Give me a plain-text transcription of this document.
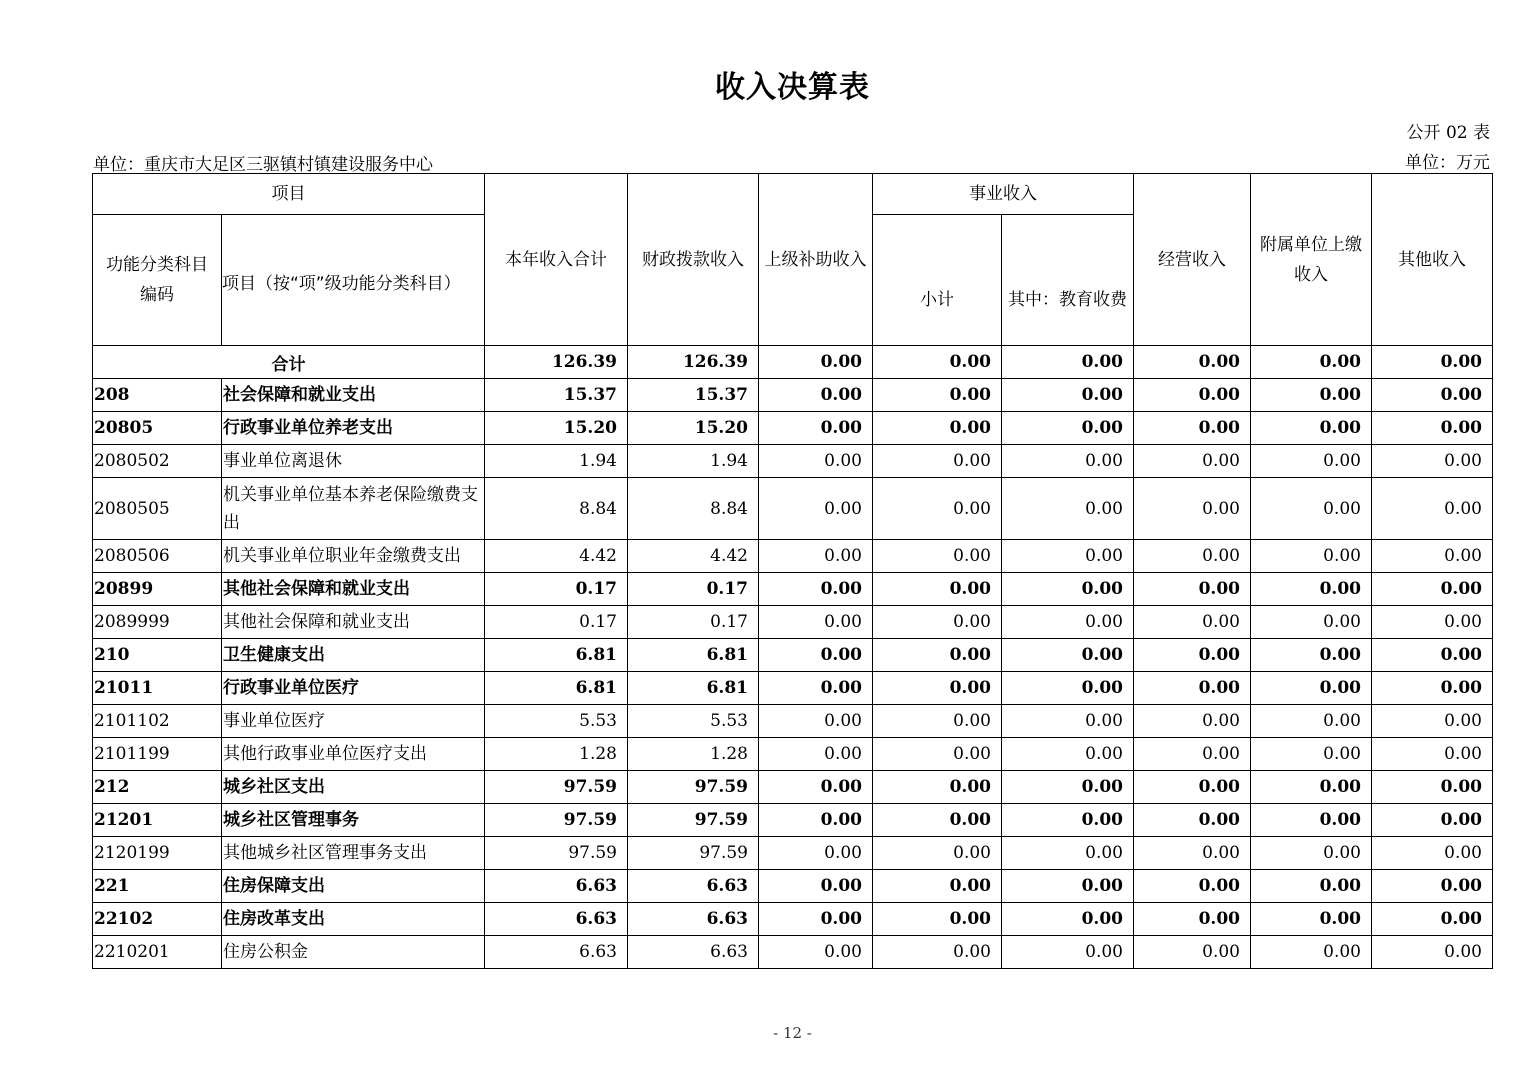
收入决算表
公开 02 表
单位：重庆市大足区三驱镇村镇建设服务中心	单位：万元
项目		本年收入合计	财政拨款收入	上级补助收入	事业收入		经营收入	附属单位上缴收入	其他收入
功能分类科目编码	项目（按“项”级功能分类科目）				小计	其中：教育收费			
合计		126.39	126.39	0.00	0.00	0.00	0.00	0.00	0.00
208	社会保障和就业支出	15.37	15.37	0.00	0.00	0.00	0.00	0.00	0.00
20805	行政事业单位养老支出	15.20	15.20	0.00	0.00	0.00	0.00	0.00	0.00
2080502	事业单位离退休	1.94	1.94	0.00	0.00	0.00	0.00	0.00	0.00
2080505	机关事业单位基本养老保险缴费支出	8.84	8.84	0.00	0.00	0.00	0.00	0.00	0.00
2080506	机关事业单位职业年金缴费支出	4.42	4.42	0.00	0.00	0.00	0.00	0.00	0.00
20899	其他社会保障和就业支出	0.17	0.17	0.00	0.00	0.00	0.00	0.00	0.00
2089999	其他社会保障和就业支出	0.17	0.17	0.00	0.00	0.00	0.00	0.00	0.00
210	卫生健康支出	6.81	6.81	0.00	0.00	0.00	0.00	0.00	0.00
21011	行政事业单位医疗	6.81	6.81	0.00	0.00	0.00	0.00	0.00	0.00
2101102	事业单位医疗	5.53	5.53	0.00	0.00	0.00	0.00	0.00	0.00
2101199	其他行政事业单位医疗支出	1.28	1.28	0.00	0.00	0.00	0.00	0.00	0.00
212	城乡社区支出	97.59	97.59	0.00	0.00	0.00	0.00	0.00	0.00
21201	城乡社区管理事务	97.59	97.59	0.00	0.00	0.00	0.00	0.00	0.00
2120199	其他城乡社区管理事务支出	97.59	97.59	0.00	0.00	0.00	0.00	0.00	0.00
221	住房保障支出	6.63	6.63	0.00	0.00	0.00	0.00	0.00	0.00
22102	住房改革支出	6.63	6.63	0.00	0.00	0.00	0.00	0.00	0.00
2210201	住房公积金	6.63	6.63	0.00	0.00	0.00	0.00	0.00	0.00
- 12 -
